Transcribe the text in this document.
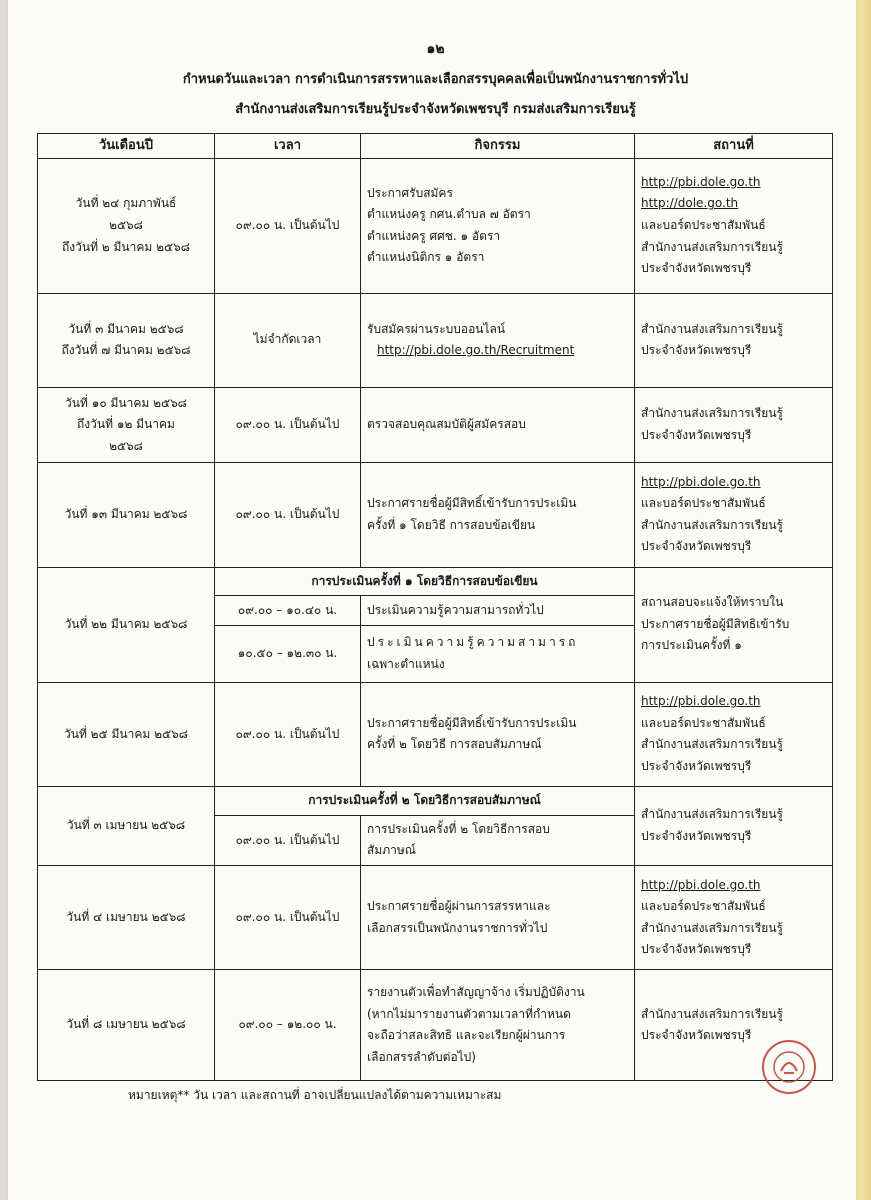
๑๒
กำหนดวันและเวลา การดำเนินการสรรหาและเลือกสรรบุคคลเพื่อเป็นพนักงานราชการทั่วไป
สำนักงานส่งเสริมการเรียนรู้ประจำจังหวัดเพชรบุรี กรมส่งเสริมการเรียนรู้
วันเดือนปี	เวลา	กิจกรรม	สถานที่

วันที่ ๒๔ กุมภาพันธ์
๒๕๖๘
ถึงวันที่ ๒ มีนาคม ๒๕๖๘	๐๙.๐๐ น. เป็นต้นไป	ประกาศรับสมัคร
ตำแหน่งครู กศน.ตำบล ๗ อัตรา
ตำแหน่งครู ศศช. ๑ อัตรา
ตำแหน่งนิติกร ๑ อัตรา	http://pbi.dole.go.th
http://dole.go.th
และบอร์ดประชาสัมพันธ์
สำนักงานส่งเสริมการเรียนรู้
ประจำจังหวัดเพชรบุรี

วันที่ ๓ มีนาคม ๒๕๖๘
ถึงวันที่ ๗ มีนาคม ๒๕๖๘	ไม่จำกัดเวลา	รับสมัครผ่านระบบออนไลน์
http://pbi.dole.go.th/Recruitment	สำนักงานส่งเสริมการเรียนรู้
ประจำจังหวัดเพชรบุรี

วันที่ ๑๐ มีนาคม ๒๕๖๘
ถึงวันที่ ๑๒ มีนาคม
๒๕๖๘	๐๙.๐๐ น. เป็นต้นไป	ตรวจสอบคุณสมบัติผู้สมัครสอบ	สำนักงานส่งเสริมการเรียนรู้
ประจำจังหวัดเพชรบุรี

วันที่ ๑๓ มีนาคม ๒๕๖๘	๐๙.๐๐ น. เป็นต้นไป	ประกาศรายชื่อผู้มีสิทธิ์เข้ารับการประเมิน
ครั้งที่ ๑ โดยวิธี การสอบข้อเขียน	http://pbi.dole.go.th
และบอร์ดประชาสัมพันธ์
สำนักงานส่งเสริมการเรียนรู้
ประจำจังหวัดเพชรบุรี

วันที่ ๒๒ มีนาคม ๒๕๖๘	การประเมินครั้งที่ ๑ โดยวิธีการสอบข้อเขียน		สถานสอบจะแจ้งให้ทราบใน
ประกาศรายชื่อผู้มีสิทธิเข้ารับ
การประเมินครั้งที่ ๑

	๐๙.๐๐ – ๑๐.๔๐ น.	ประเมินความรู้ความสามารถทั่วไป	
	๑๐.๕๐ – ๑๒.๓๐ น.	ประเมินความรู้ความสามารถ
เฉพาะตำแหน่ง	

วันที่ ๒๕ มีนาคม ๒๕๖๘	๐๙.๐๐ น. เป็นต้นไป	ประกาศรายชื่อผู้มีสิทธิ์เข้ารับการประเมิน
ครั้งที่ ๒ โดยวิธี การสอบสัมภาษณ์	http://pbi.dole.go.th
และบอร์ดประชาสัมพันธ์
สำนักงานส่งเสริมการเรียนรู้
ประจำจังหวัดเพชรบุรี

วันที่ ๓ เมษายน ๒๕๖๘	การประเมินครั้งที่ ๒ โดยวิธีการสอบสัมภาษณ์		สำนักงานส่งเสริมการเรียนรู้
ประจำจังหวัดเพชรบุรี

	๐๙.๐๐ น. เป็นต้นไป	การประเมินครั้งที่ ๒ โดยวิธีการสอบ
สัมภาษณ์	

วันที่ ๔ เมษายน ๒๕๖๘	๐๙.๐๐ น. เป็นต้นไป	ประกาศรายชื่อผู้ผ่านการสรรหาและ
เลือกสรรเป็นพนักงานราชการทั่วไป	http://pbi.dole.go.th
และบอร์ดประชาสัมพันธ์
สำนักงานส่งเสริมการเรียนรู้
ประจำจังหวัดเพชรบุรี

วันที่ ๘ เมษายน ๒๕๖๘	๐๙.๐๐ – ๑๒.๐๐ น.	รายงานตัวเพื่อทำสัญญาจ้าง เริ่มปฏิบัติงาน
(หากไม่มารายงานตัวตามเวลาที่กำหนด
จะถือว่าสละสิทธิ และจะเรียกผู้ผ่านการ
เลือกสรรลำดับต่อไป)	สำนักงานส่งเสริมการเรียนรู้
ประจำจังหวัดเพชรบุรี
หมายเหตุ** วัน เวลา และสถานที่ อาจเปลี่ยนแปลงได้ตามความเหมาะสม
